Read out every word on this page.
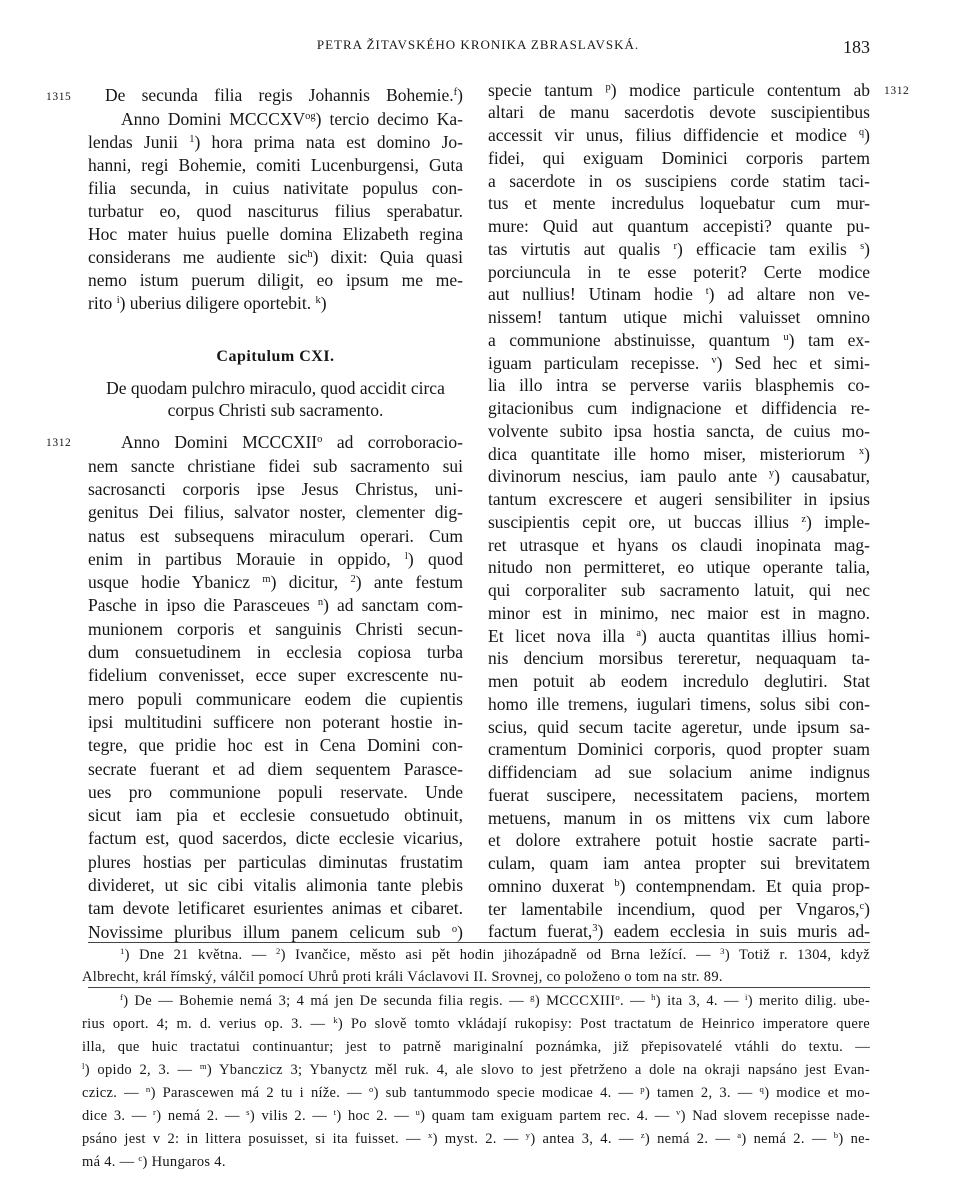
PETRA ŽITAVSKÉHO KRONIKA ZBRASLAVSKÁ.	183
1315	De secunda filia regis Johannis Bohemie.$^f$)
Anno Domini $MCCCXV^{og}$) tercio decimo Ka-
lendas Junii $^1$) hora prima nata est domino Jo-
hanni, regi Bohemie, comiti Lucenburgensi, Guta
filia secunda, in cuius nativitate populus con-
turbatur eo, quod nasciturus filius sperabatur.
Hoc mater huius puelle domina Elizabeth regina
considerans me audiente sic$^h$) dixit: Quia quasi
nemo istum puerum diligit, eo ipsum me me-
rito $^i$) uberius diligere oportebit. $^k$)
Capitulum CXI.
De quodam pulchro miraculo, quod accidit circa
corpus Christi sub sacramento.
1312	Anno Domini MCCCXII$^o$ ad corroboracio-
nem sancte christiane fidei sub sacramento sui
sacrosancti corporis ipse Jesus Christus, uni-
genitus Dei filius, salvator noster, clementer dig-
natus est subsequens miraculum operari. Cum
enim in partibus Morauie in oppido, $^l$) quod
usque hodie Ybanicz $^m$) dicitur, $^2$) ante festum
Pasche in ipso die Parasceues $^n$) ad sanctam com-
munionem corporis et sanguinis Christi secun-
dum consuetudinem in ecclesia copiosa turba
fidelium convenisset, ecce super excrescente nu-
mero populi communicare eodem die cupientis
ipsi multitudini sufficere non poterant hostie in-
tegre, que pridie hoc est in Cena Domini con-
secrate fuerant et ad diem sequentem Parasce-
ues pro communione populi reservate. Unde
sicut iam pia et ecclesie consuetudo obtinuit,
factum est, quod sacerdos, dicte ecclesie vicarius,
plures hostias per particulas diminutas frustatim
divideret, ut sic cibi vitalis alimonia tante plebis
tam devote letificaret esurientes animas et cibaret.
Novissime pluribus illum panem celicum sub $^o$)
1312
specie tantum $^p$) modice particule contentum ab
altari de manu sacerdotis devote suscipientibus
accessit vir unus, filius diffidencie et modice $^q$)
fidei, qui exiguam Dominici corporis partem
a sacerdote in os suscipiens corde statim taci-
tus et mente incredulus loquebatur cum mur-
mure: Quid aut quantum accepisti? quante pu-
tas virtutis aut qualis $^r$) efficacie tam exilis $^s$)
porciuncula in te esse poterit? Certe modice
aut nullius! Utinam hodie $^t$) ad altare non ve-
nissem! tantum utique michi valuisset omnino
a communione abstinuisse, quantum $^u$) tam ex-
iguam particulam recepisse. $^v$) Sed hec et simi-
lia illo intra se perverse variis blasphemis co-
gitacionibus cum indignacione et diffidencia re-
volvente subito ipsa hostia sancta, de cuius mo-
dica quantitate ille homo miser, misteriorum $^x$)
divinorum nescius, iam paulo ante $^y$) causabatur,
tantum excrescere et augeri sensibiliter in ipsius
suscipientis cepit ore, ut buccas illius $^z$) imple-
ret utrasque et hyans os claudi inopinata mag-
nitudo non permitteret, eo utique operante talia,
qui corporaliter sub sacramento latuit, qui nec
minor est in minimo, nec maior est in magno.
Et licet nova illa $^a$) aucta quantitas illius homi-
nis dencium morsibus tereretur, nequaquam ta-
men potuit ab eodem incredulo deglutiri. Stat
homo ille tremens, iugulari timens, solus sibi con-
scius, quid secum tacite ageretur, unde ipsum sa-
cramentum Dominici corporis, quod propter suam
diffidenciam ad sue solacium anime indignus
fuerat suscipere, necessitatem paciens, mortem
metuens, manum in os mittens vix cum labore
et dolore extrahere potuit hostie sacrate parti-
culam, quam iam antea propter sui brevitatem
omnino duxerat $^b$) contempnendam. Et quia prop-
ter lamentabile incendium, quod per Vngaros,$^c$)
factum fuerat,$^3$) eadem ecclesia in suis muris ad-
$^1$) Dne 21 května. — $^2$) Ivančice, město asi pět hodin jihozápadně od Brna ležící. — $^3$) Totiž r. 1304, když
Albrecht, král římský, válčil pomocí Uhrů proti králi Václavovi II. Srovnej, co položeno o tom na str. 89.
$^f$) De — Bohemie nemá 3; 4 má jen De secunda filia regis. — $^g$) MCCCXIII$^o$. — $^h$) ita 3, 4. — $^i$) merito dilig. ube-
rius oport. 4; m. d. verius op. 3. — $^k$) Po slově tomto vkládají rukopisy: Post tractatum de Heinrico imperatore quere
illa, que huic tractatui continuantur; jest to patrně mariginalní poznámka, již přepisovatelé vtáhli do textu. —
$^l$) opido 2, 3. — $^m$) Ybanczicz 3; Ybanyctz měl ruk. 4, ale slovo to jest přetrženo a dole na okraji napsáno jest Evan-
czicz. — $^n$) Parascewen má 2 tu i níže. — $^o$) sub tantummodo specie modicae 4. — $^p$) tamen 2, 3. — $^q$) modice et mo-
dice 3. — $^r$) nemá 2. — $^s$) vilis 2. — $^t$) hoc 2. — $^u$) quam tam exiguam partem rec. 4. — $^v$) Nad slovem recepisse nade-
psáno jest v 2: in littera posuisset, si ita fuisset. — $^x$) myst. 2. — $^y$) antea 3, 4. — $^z$) nemá 2. — $^a$) nemá 2. — $^b$) ne-
má 4. — $^c$) Hungaros 4.
